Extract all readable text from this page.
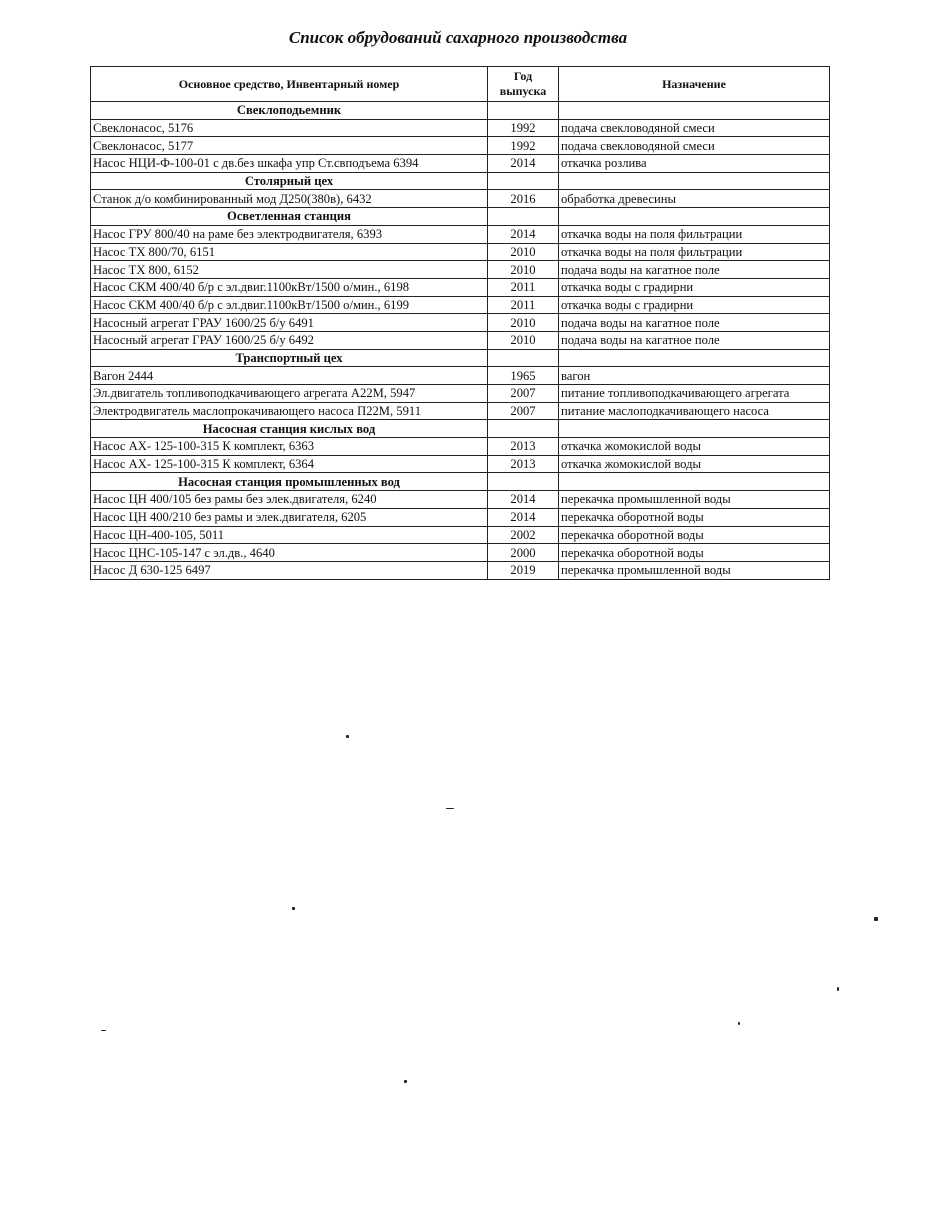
Список обрудований сахарного производства
Основное средство, Инвентарный номер	Год выпуска	Назначение
Свеклоподьемник		
Свеклонасос, 5176	1992	подача свекловодяной смеси
Свеклонасос, 5177	1992	подача свекловодяной смеси
Насос НЦИ-Ф-100-01 с дв.без шкафа упр Ст.свподъема 6394	2014	откачка розлива
Столярный цех		
Станок д/о комбинированный мод Д250(380в), 6432	2016	обработка древесины
Осветленная станция		
Насос ГРУ 800/40 на раме без электродвигателя, 6393	2014	откачка воды на поля фильтрации
Насос ТХ 800/70, 6151	2010	откачка воды на поля фильтрации
Насос ТХ 800, 6152	2010	подача воды на кагатное поле
Насос СКМ 400/40 б/р с эл.двиг.1100кВт/1500 о/мин., 6198	2011	откачка воды с градирни
Насос СКМ 400/40 б/р с эл.двиг.1100кВт/1500 о/мин., 6199	2011	откачка воды с градирни
Насосный агрегат ГРАУ 1600/25 б/у 6491	2010	подача воды на кагатное поле
Насосный агрегат ГРАУ 1600/25 б/у 6492	2010	подача воды на кагатное поле
Транспортный цех		
Вагон 2444	1965	вагон
Эл.двигатель топливоподкачивающего агрегата А22М, 5947	2007	питание топливоподкачивающего агрегата
Электродвигатель маслопрокачивающего насоса П22М, 5911	2007	питание маслоподкачивающего насоса
Насосная станция кислых вод		
Насос АХ- 125-100-315 К комплект, 6363	2013	откачка жомокислой воды
Насос АХ- 125-100-315 К комплект, 6364	2013	откачка жомокислой воды
Насосная станция промышленных вод		
Насос ЦН 400/105 без рамы без элек.двигателя, 6240	2014	перекачка промышленной воды
Насос ЦН 400/210 без рамы и элек.двигателя, 6205	2014	перекачка оборотной воды
Насос ЦН-400-105, 5011	2002	перекачка оборотной воды
Насос ЦНС-105-147 с эл.дв., 4640	2000	перекачка оборотной воды
Насос Д 630-125 6497	2019	перекачка промышленной воды
